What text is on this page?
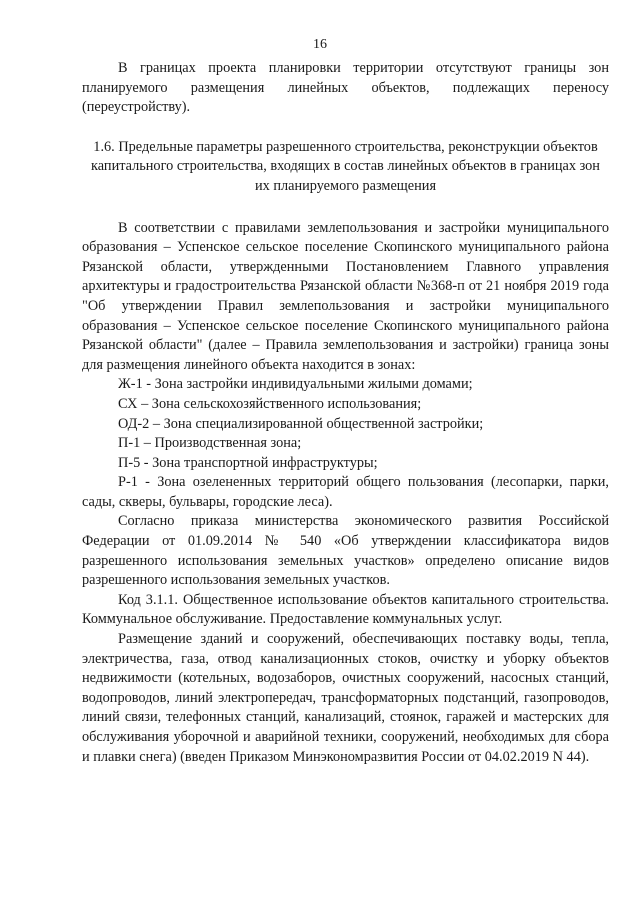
16

В границах проекта планировки территории отсутствуют границы зон планируемого размещения линейных объектов, подлежащих переносу (переустройству).

1.6. Предельные параметры разрешенного строительства, реконструкции объектов капитального строительства, входящих в состав линейных объектов в границах зон их планируемого размещения

В соответствии с правилами землепользования и застройки муниципального образования – Успенское сельское поселение Скопинского муниципального района Рязанской области, утвержденными Постановлением Главного управления архитектуры и градостроительства Рязанской области №368-п от 21 ноября 2019 года "Об утверждении Правил землепользования и застройки муниципального образования – Успенское сельское поселение Скопинского муниципального района Рязанской области" (далее – Правила землепользования и застройки) граница зоны для размещения линейного объекта находится в зонах:

Ж-1 - Зона застройки индивидуальными жилыми домами;

СХ – Зона сельскохозяйственного использования;

ОД-2 – Зона специализированной общественной застройки;

П-1 – Производственная зона;

П-5 - Зона транспортной инфраструктуры;

Р-1 - Зона озелененных территорий общего пользования (лесопарки, парки, сады, скверы, бульвары, городские леса).

Согласно приказа министерства экономического развития Российской Федерации от 01.09.2014 № 540 «Об утверждении классификатора видов разрешенного использования земельных участков» определено описание видов разрешенного использования земельных участков.

Код 3.1.1. Общественное использование объектов капитального строительства. Коммунальное обслуживание. Предоставление коммунальных услуг.

Размещение зданий и сооружений, обеспечивающих поставку воды, тепла, электричества, газа, отвод канализационных стоков, очистку и уборку объектов недвижимости (котельных, водозаборов, очистных сооружений, насосных станций, водопроводов, линий электропередач, трансформаторных подстанций, газопроводов, линий связи, телефонных станций, канализаций, стоянок, гаражей и мастерских для обслуживания уборочной и аварийной техники, сооружений, необходимых для сбора и плавки снега) (введен Приказом Минэкономразвития России от 04.02.2019 N 44).
